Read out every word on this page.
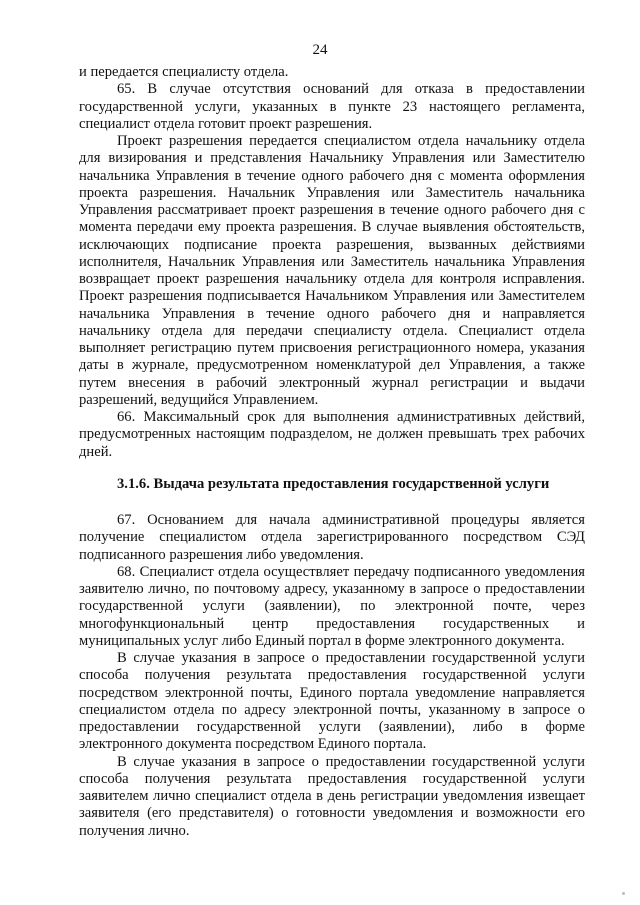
24

и передается специалисту отдела.

65. В случае отсутствия оснований для отказа в предоставлении государственной услуги, указанных в пункте 23 настоящего регламента, специалист отдела готовит проект разрешения.

Проект разрешения передается специалистом отдела начальнику отдела для визирования и представления Начальнику Управления или Заместителю начальника Управления в течение одного рабочего дня с момента оформления проекта разрешения. Начальник Управления или Заместитель начальника Управления рассматривает проект разрешения в течение одного рабочего дня с момента передачи ему проекта разрешения. В случае выявления обстоятельств, исключающих подписание проекта разрешения, вызванных действиями исполнителя, Начальник Управления или Заместитель начальника Управления возвращает проект разрешения начальнику отдела для контроля исправления. Проект разрешения подписывается Начальником Управления или Заместителем начальника Управления в течение одного рабочего дня и направляется начальнику отдела для передачи специалисту отдела. Специалист отдела выполняет регистрацию путем присвоения регистрационного номера, указания даты в журнале, предусмотренном номенклатурой дел Управления, а также путем внесения в рабочий электронный журнал регистрации и выдачи разрешений, ведущийся Управлением.

66. Максимальный срок для выполнения административных действий, предусмотренных настоящим подразделом, не должен превышать трех рабочих дней.

3.1.6. Выдача результата предоставления государственной услуги

67. Основанием для начала административной процедуры является получение специалистом отдела зарегистрированного посредством СЭД подписанного разрешения либо уведомления.

68. Специалист отдела осуществляет передачу подписанного уведомления заявителю лично, по почтовому адресу, указанному в запросе о предоставлении государственной услуги (заявлении), по электронной почте, через многофункциональный центр предоставления государственных и муниципальных услуг либо Единый портал в форме электронного документа.

В случае указания в запросе о предоставлении государственной услуги способа получения результата предоставления государственной услуги посредством электронной почты, Единого портала уведомление направляется специалистом отдела по адресу электронной почты, указанному в запросе о предоставлении государственной услуги (заявлении), либо в форме электронного документа посредством Единого портала.

В случае указания в запросе о предоставлении государственной услуги способа получения результата предоставления государственной услуги заявителем лично специалист отдела в день регистрации уведомления извещает заявителя (его представителя) о готовности уведомления и возможности его получения лично.
